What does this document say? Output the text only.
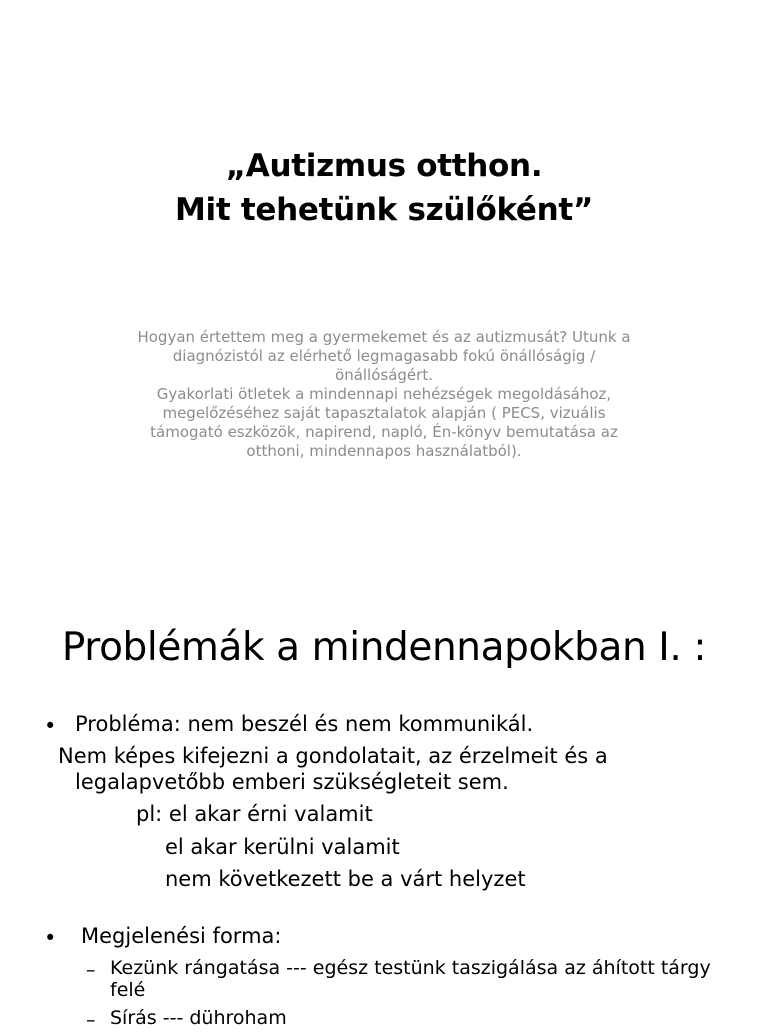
„Autizmus otthon.
Mit tehetünk szülőként”
Hogyan értettem meg a gyermekemet és az autizmusát? Utunk a
diagnózistól az elérhető legmagasabb fokú önállóságig /
önállóságért.
Gyakorlati ötletek a mindennapi nehézségek megoldásához,
megelőzéséhez saját tapasztalatok alapján ( PECS, vizuális
támogató eszközök, napirend, napló, Én-könyv bemutatása az
otthoni, mindennapos használatból).
Problémák a mindennapokban I. :
• Probléma: nem beszél és nem kommunikál.
Nem képes kifejezni a gondolatait, az érzelmeit és a
legalapvetőbb emberi szükségleteit sem.
pl: el akar érni valamit
el akar kerülni valamit
nem következett be a várt helyzet
• Megjelenési forma:
– Kezünk rángatása --- egész testünk taszigálása az áhított tárgy
felé
– Sírás --- dühroham
